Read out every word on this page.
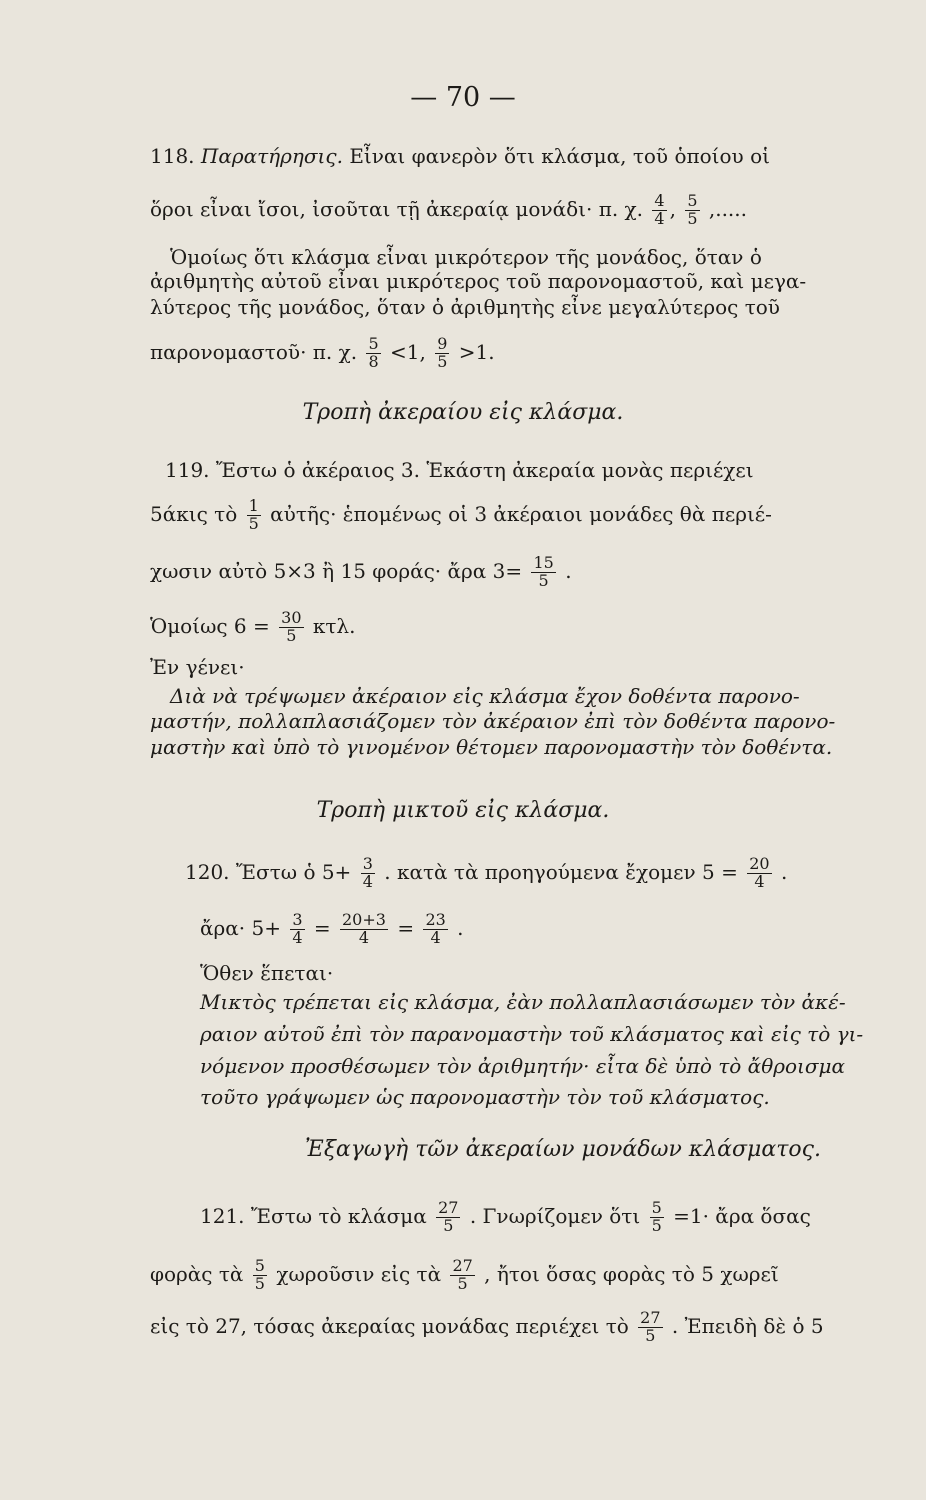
— 70 —
118. Παρατήρησις. Εἶναι φανερὸν ὅτι κλάσμα, τοῦ ὁποίου οἱ
ὅροι εἶναι ἴσοι, ἰσοῦται τῇ ἀκεραίᾳ μονάδι· π. χ. $\frac{4}{4}$ , $\frac{5}{5}$ ,.....
Ὁμοίως ὅτι κλάσμα εἶναι μικρότερον τῆς μονάδος, ὅταν ὁ
ἀριθμητὴς αὐτοῦ εἶναι μικρότερος τοῦ παρονομαστοῦ, καὶ μεγα-
λύτερος τῆς μονάδος, ὅταν ὁ ἀριθμητὴς εἶνε μεγαλύτερος τοῦ
παρονομαστοῦ· π. χ. $\frac{5}{8} <1$, $\frac{9}{5} >1$.
Τροπὴ ἀκεραίου εἰς κλάσμα.
119. Ἔστω ὁ ἀκέραιος 3. Ἑκάστη ἀκεραία μονὰς περιέχει
5άκις τὸ $\frac{1}{5}$ αὐτῆς· ἑπομένως οἱ 3 ἀκέραιοι μονάδες θὰ περιέ-
χωσιν αὐτὸ 5×3 ἢ 15 φοράς· ἄρα $3= \frac{15}{5}$ .
Ὁμοίως $6 = \frac{30}{5} \kappa\tau\lambda$.
Ἐν γένει·
Διὰ νὰ τρέψωμεν ἀκέραιον εἰς κλάσμα ἔχον δοθέντα παρονο-
μαστήν, πολλαπλασιάζομεν τὸν ἀκέραιον ἐπὶ τὸν δοθέντα παρονο-
μαστὴν καὶ ὑπὸ τὸ γινομένον θέτομεν παρονομαστὴν τὸν δοθέντα.
Τροπὴ μικτοῦ εἰς κλάσμα.
120. Ἔστω ὁ $5+ \frac{3}{4}$ . κατὰ τὰ προηγούμενα ἔχομεν $5 = \frac{20}{4}$ .
ἄρα· $5+ \frac{3}{4} = \frac{20+3}{4} = \frac{23}{4}$ .
Ὅθεν ἕπεται·
Μικτὸς τρέπεται εἰς κλάσμα, ἐὰν πολλαπλασιάσωμεν τὸν ἀκέ-
ραιον αὐτοῦ ἐπὶ τὸν παρανομαστὴν τοῦ κλάσματος καὶ εἰς τὸ γι-
νόμενον προσθέσωμεν τὸν ἀριθμητήν· εἶτα δὲ ὑπὸ τὸ ἄθροισμα
τοῦτο γράψωμεν ὡς παρονομαστὴν τὸν τοῦ κλάσματος.
Ἐξαγωγὴ τῶν ἀκεραίων μονάδων κλάσματος.
121. Ἔστω τὸ κλάσμα $\frac{27}{5}$ . Γνωρίζομεν ὅτι $\frac{5}{5} =1\cdot$ ἄρα ὅσας
φορὰς τὰ $\frac{5}{5}$ χωροῦσιν εἰς τὰ $\frac{27}{5}$ , ἤτοι ὅσας φορὰς τὸ 5 χωρεῖ
εἰς τὸ 27, τόσας ἀκεραίας μονάδας περιέχει τὸ $\frac{27}{5}$ . Ἐπειδὴ δὲ ὁ 5
